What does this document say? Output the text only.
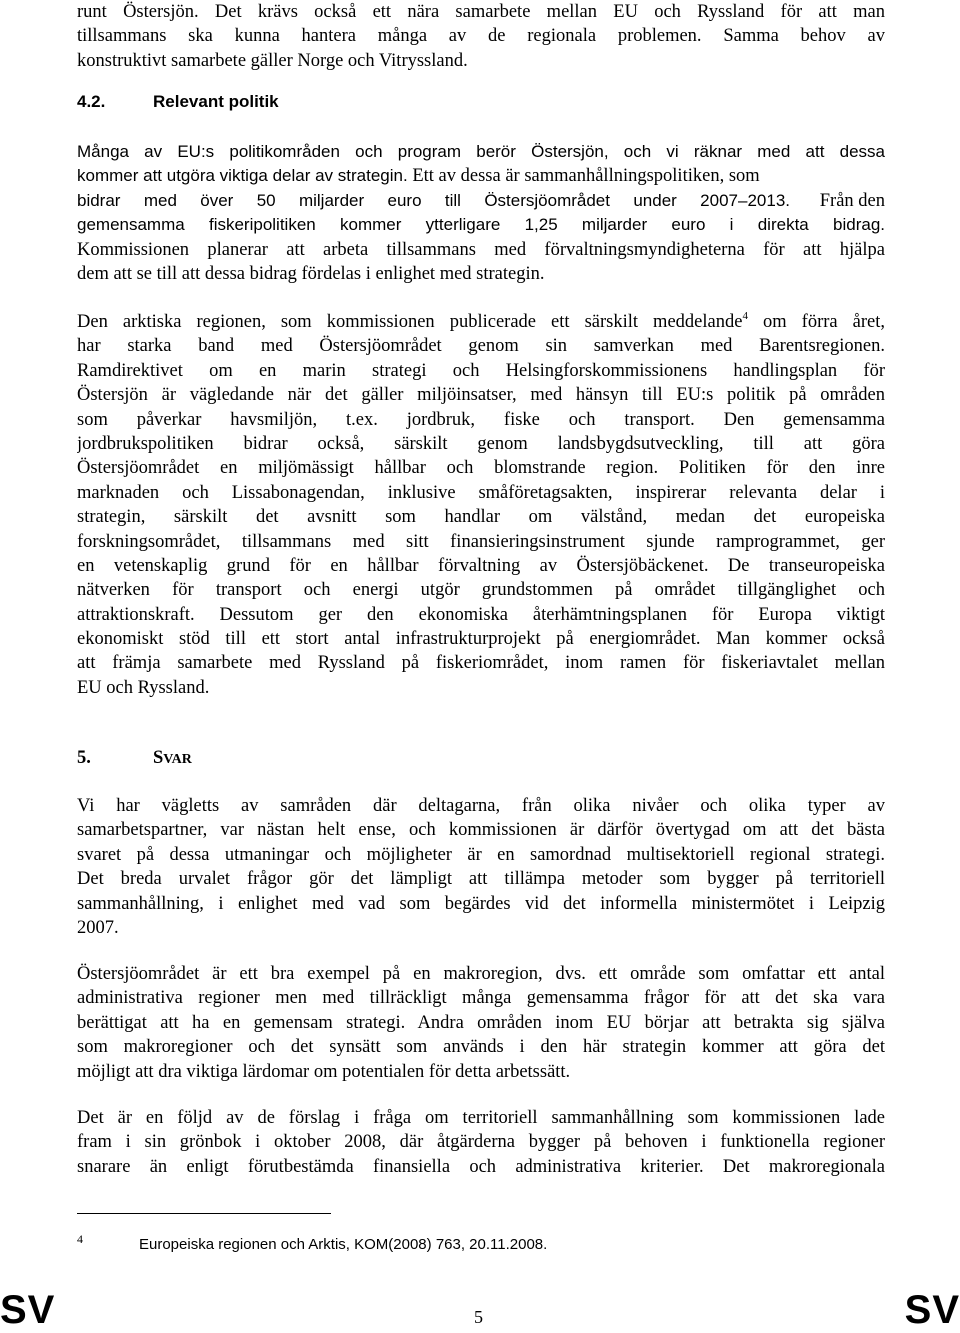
runt Östersjön. Det krävs också ett nära samarbete mellan EU och Ryssland för att man
tillsammans ska kunna hantera många av de regionala problemen. Samma behov av
konstruktivt samarbete gäller Norge och Vitryssland.
4.2.	Relevant politik
Många av EU:s politikområden och program berör Östersjön, och vi räknar med att dessa
kommer att utgöra viktiga delar av strategin. Ett av dessa är sammanhållningspolitiken, som
bidrar med över 50 miljarder euro till Östersjöområdet under 2007–2013.
gemensamma fiskeripolitiken kommer ytterligare 1,25 miljarder euro i direkta bidrag.
Från den
Kommissionen planerar att arbeta tillsammans med förvaltningsmyndigheterna för att hjälpa
dem att se till att dessa bidrag fördelas i enlighet med strategin.
Den arktiska regionen, som kommissionen publicerade ett särskilt meddelande$^4$ om förra året,
har starka band med Östersjöområdet genom sin samverkan med Barentsregionen.
Ramdirektivet om en marin strategi och Helsingforskommissionens handlingsplan för
Östersjön är vägledande när det gäller miljöinsatser, med hänsyn till EU:s politik på områden
som påverkar havsmiljön, t.ex. jordbruk, fiske och transport. Den gemensamma
jordbrukspolitiken bidrar också, särskilt genom landsbygdsutveckling, till att göra
Östersjöområdet en miljömässigt hållbar och blomstrande region. Politiken för den inre
marknaden och Lissabonagendan, inklusive småföretagsakten, inspirerar relevanta delar i
strategin, särskilt det avsnitt som handlar om välstånd, medan det europeiska
forskningsområdet, tillsammans med sitt finansieringsinstrument sjunde ramprogrammet, ger
en vetenskaplig grund för en hållbar förvaltning av Östersjöbäckenet. De transeuropeiska
nätverken för transport och energi utgör grundstommen på området tillgänglighet och
attraktionskraft. Dessutom ger den ekonomiska återhämtningsplanen för Europa viktigt
ekonomiskt stöd till ett stort antal infrastrukturprojekt på energiområdet. Man kommer också
att främja samarbete med Ryssland på fiskeriområdet, inom ramen för fiskeriavtalet mellan
EU och Ryssland.
5.	SVAR
Vi har vägletts av samråden där deltagarna, från olika nivåer och olika typer av
samarbetspartner, var nästan helt ense, och kommissionen är därför övertygad om att det bästa
svaret på dessa utmaningar och möjligheter är en samordnad multisektoriell regional strategi.
Det breda urvalet frågor gör det lämpligt att tillämpa metoder som bygger på territoriell
sammanhållning, i enlighet med vad som begärdes vid det informella ministermötet i Leipzig
2007.
Östersjöområdet är ett bra exempel på en makroregion, dvs. ett område som omfattar ett antal
administrativa regioner men med tillräckligt många gemensamma frågor för att det ska vara
berättigat att ha en gemensam strategi. Andra områden inom EU börjar att betrakta sig själva
som makroregioner och det synsätt som används i den här strategin kommer att göra det
möjligt att dra viktiga lärdomar om potentialen för detta arbetssätt.
Det är en följd av de förslag i fråga om territoriell sammanhållning som kommissionen lade
fram i sin grönbok i oktober 2008, där åtgärderna bygger på behoven i funktionella regioner
snarare än enligt förutbestämda finansiella och administrativa kriterier. Det makroregionala
4	Europeiska regionen och Arktis, KOM(2008) 763, 20.11.2008.
SV	5	SV
